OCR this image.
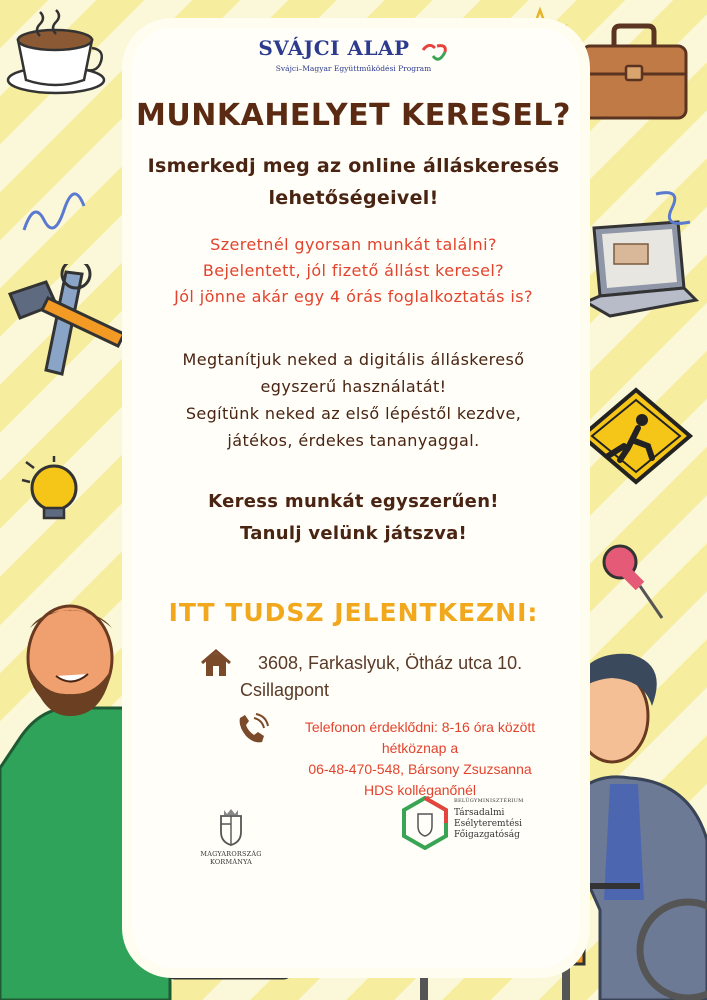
SVÁJCI ALAP
Svájci–Magyar Együttműködési Program
MUNKAHELYET KERESEL?
Ismerkedj meg az online álláskeresés
lehetőségeivel!
Szeretnél gyorsan munkát találni?
Bejelentett, jól fizető állást keresel?
Jól jönne akár egy 4 órás foglalkoztatás is?
Megtanítjuk neked a digitális álláskereső
egyszerű használatát!
Segítünk neked az első lépéstől kezdve,
játékos, érdekes tananyaggal.
Keress munkát egyszerűen!
Tanulj velünk játszva!
ITT TUDSZ JELENTKEZNI:
3608, Farkaslyuk, Ötház utca 10.
Csillagpont
Telefonon érdeklődni: 8-16 óra között
hétköznap a
06-48-470-548, Bársony Zsuzsanna
HDS kolléganőnél
MAGYARORSZÁG
KORMÁNYA
BELÜGYMINISZTÉRIUM
Társadalmi
Esélyteremtési
Főigazgatóság
